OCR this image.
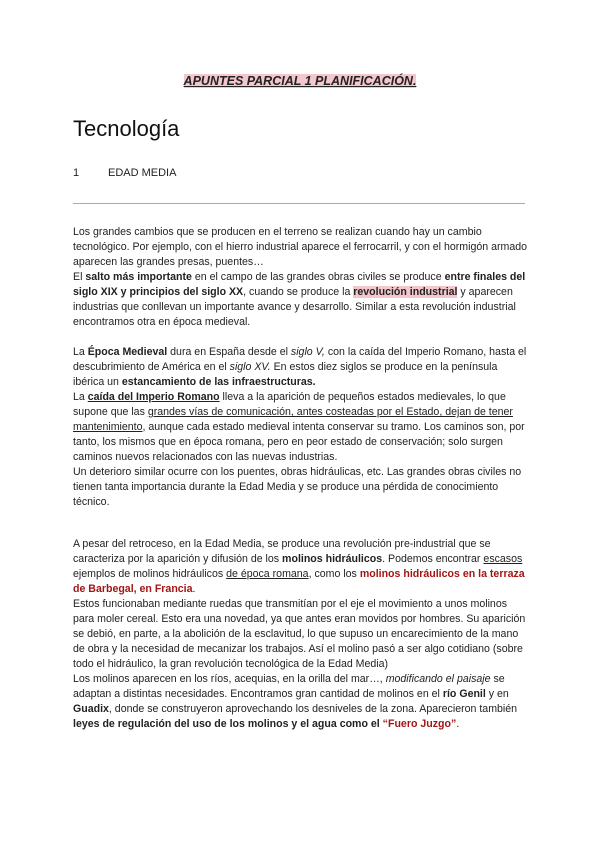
APUNTES PARCIAL 1 PLANIFICACIÓN.
Tecnología
1	EDAD MEDIA

Los grandes cambios que se producen en el terreno se realizan cuando hay un cambio tecnológico. Por ejemplo, con el hierro industrial aparece el ferrocarril, y con el hormigón armado aparecen las grandes presas, puentes…

El salto más importante en el campo de las grandes obras civiles se produce entre finales del siglo XIX y principios del siglo XX, cuando se produce la revolución industrial y aparecen industrias que conllevan un importante avance y desarrollo. Similar a esta revolución industrial encontramos otra en época medieval.

La Época Medieval dura en España desde el siglo V, con la caída del Imperio Romano, hasta el descubrimiento de América en el siglo XV. En estos diez siglos se produce en la península ibérica un estancamiento de las infraestructuras.

La caída del Imperio Romano lleva a la aparición de pequeños estados medievales, lo que supone que las grandes vías de comunicación, antes costeadas por el Estado, dejan de tener mantenimiento, aunque cada estado medieval intenta conservar su tramo. Los caminos son, por tanto, los mismos que en época romana, pero en peor estado de conservación; solo surgen caminos nuevos relacionados con las nuevas industrias.

Un deterioro similar ocurre con los puentes, obras hidráulicas, etc. Las grandes obras civiles no tienen tanta importancia durante la Edad Media y se produce una pérdida de conocimiento técnico.

A pesar del retroceso, en la Edad Media, se produce una revolución pre-industrial que se caracteriza por la aparición y difusión de los molinos hidráulicos. Podemos encontrar escasos ejemplos de molinos hidráulicos de época romana, como los molinos hidráulicos en la terraza de Barbegal, en Francia.

Estos funcionaban mediante ruedas que transmitían por el eje el movimiento a unos molinos para moler cereal. Esto era una novedad, ya que antes eran movidos por hombres. Su aparición se debió, en parte, a la abolición de la esclavitud, lo que supuso un encarecimiento de la mano de obra y la necesidad de mecanizar los trabajos. Así el molino pasó a ser algo cotidiano (sobre todo el hidráulico, la gran revolución tecnológica de la Edad Media)

Los molinos aparecen en los ríos, acequias, en la orilla del mar…, modificando el paisaje se adaptan a distintas necesidades. Encontramos gran cantidad de molinos en el río Genil y en Guadix, donde se construyeron aprovechando los desniveles de la zona. Aparecieron también leyes de regulación del uso de los molinos y el agua como el “Fuero Juzgo”.
